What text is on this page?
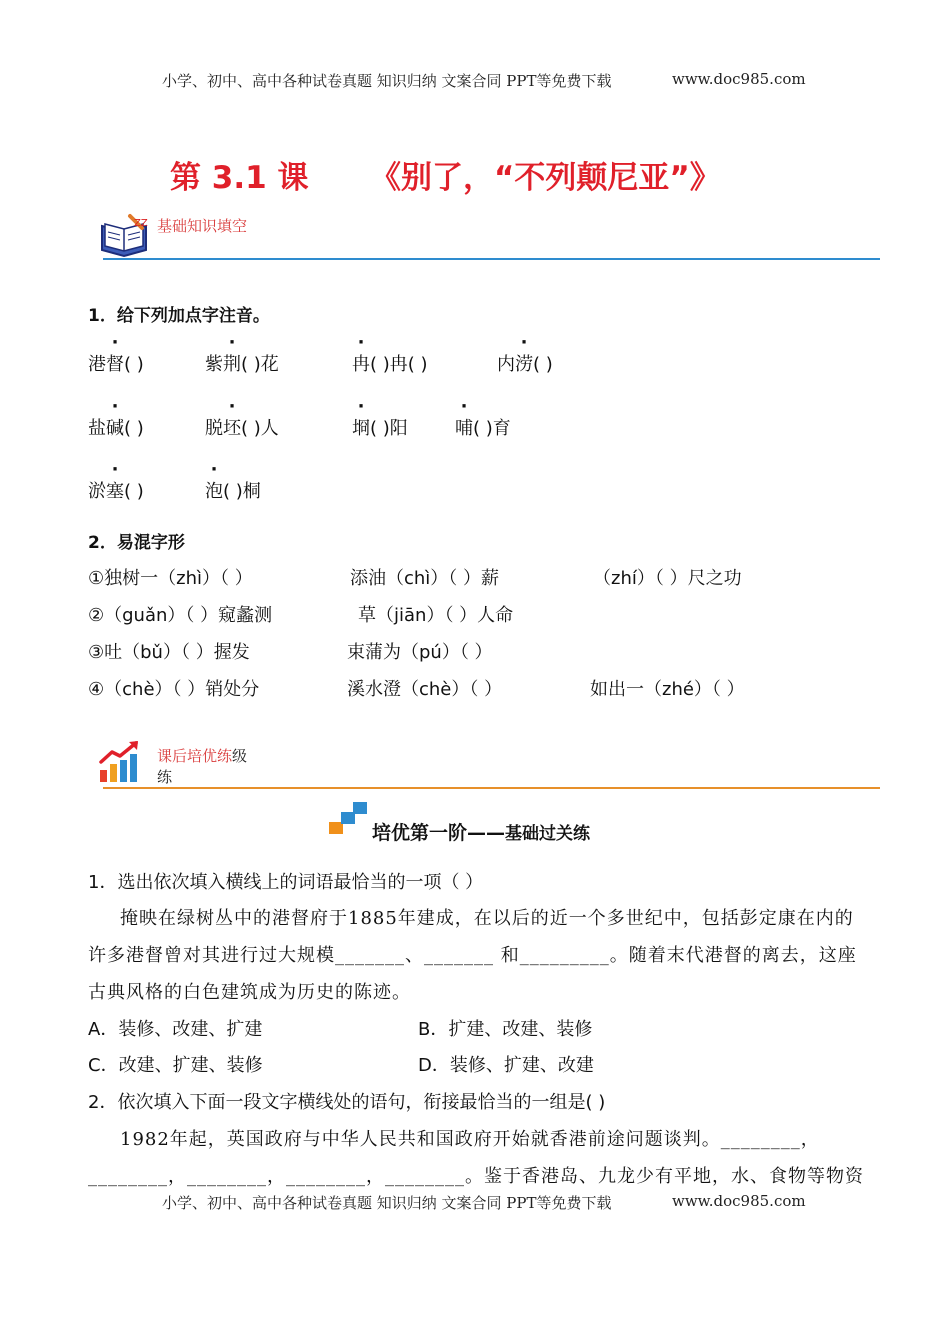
小学、初中、高中各种试卷真题 知识归纳 文案合同 PPT等免费下载	www.doc985.com
第 3.1 课 《别了，“不列颠尼亚”》
ZZ 基础知识填空
1．给下列加点字注音。
港督( )	紫荆( )花	冉( )冉( )	内涝( )
盐碱( )	脱坯( )人	埛( )阳	哺( )育
淤塞( )	泡( )桐
2．易混字形
①独树一（zhì）（ ）	添油（chì）（ ）薪	（zhí）（ ）尺之功
②（guǎn）（ ）窥蠡测	草（jiān）（ ）人命
③吐（bǔ）（ ）握发	束蒲为（pú）（ ）
④（chè）（ ）销处分	溪水澄（chè）（ ）	如出一（zhé）（ ）
课后培优练级
练
培优第一阶——基础过关练
1．选出依次填入横线上的词语最恰当的一项（ ）
掩映在绿树丛中的港督府于1885年建成，在以后的近一个多世纪中，包括彭定康在内的
许多港督曾对其进行过大规模_______、_______ 和_________。随着末代港督的离去，这座
古典风格的白色建筑成为历史的陈迹。
A．装修、改建、扩建	B．扩建、改建、装修
C．改建、扩建、装修	D．装修、扩建、改建
2．依次填入下面一段文字横线处的语句，衔接最恰当的一组是( )
1982年起，英国政府与中华人民共和国政府开始就香港前途问题谈判。________，
________，________，________，________。鉴于香港岛、九龙少有平地，水、食物等物资
小学、初中、高中各种试卷真题 知识归纳 文案合同 PPT等免费下载	www.doc985.com
